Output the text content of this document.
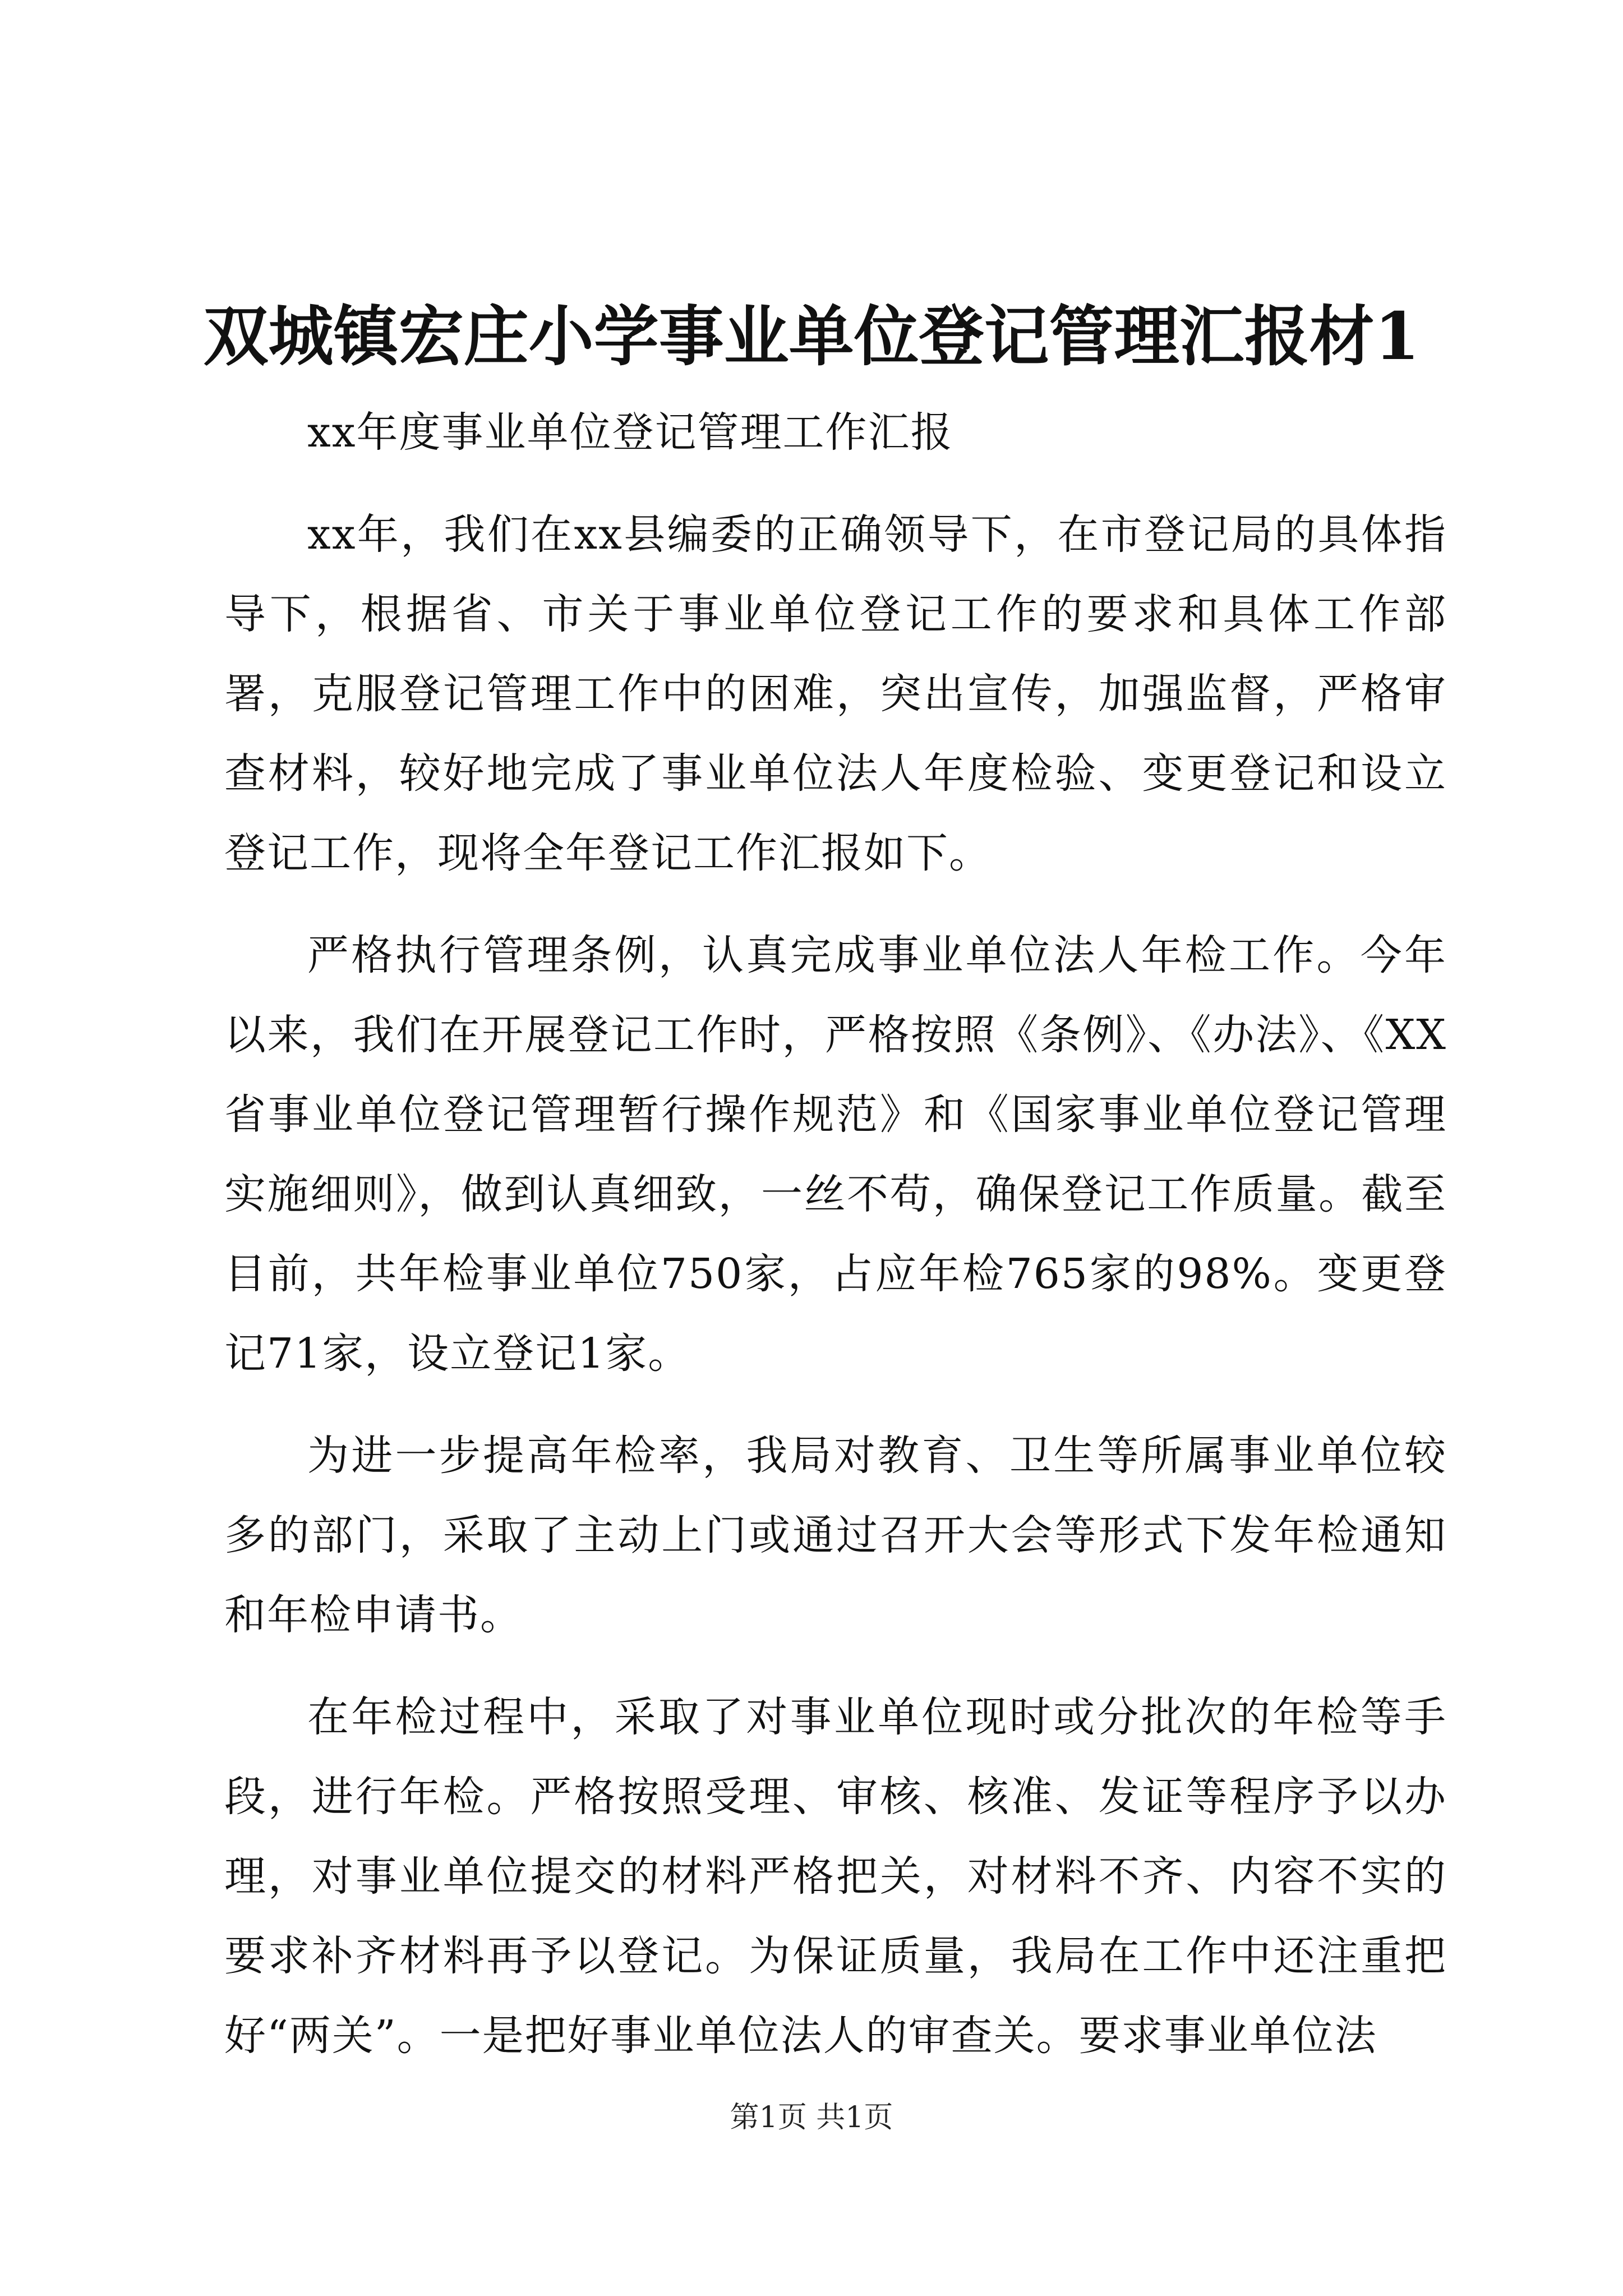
双城镇宏庄小学事业单位登记管理汇报材1

xx年度事业单位登记管理工作汇报

xx年，我们在xx县编委的正确领导下，在市登记局的具体指导下，根据省、市关于事业单位登记工作的要求和具体工作部署，克服登记管理工作中的困难，突出宣传，加强监督，严格审查材料，较好地完成了事业单位法人年度检验、变更登记和设立登记工作，现将全年登记工作汇报如下。

严格执行管理条例，认真完成事业单位法人年检工作。今年以来，我们在开展登记工作时，严格按照《条例》、《办法》、《XX省事业单位登记管理暂行操作规范》和《国家事业单位登记管理实施细则》，做到认真细致，一丝不苟，确保登记工作质量。截至目前，共年检事业单位750家，占应年检765家的98%。变更登记71家，设立登记1家。

为进一步提高年检率，我局对教育、卫生等所属事业单位较多的部门，采取了主动上门或通过召开大会等形式下发年检通知和年检申请书。

在年检过程中，采取了对事业单位现时或分批次的年检等手段，进行年检。严格按照受理、审核、核准、发证等程序予以办理，对事业单位提交的材料严格把关，对材料不齐、内容不实的要求补齐材料再予以登记。为保证质量，我局在工作中还注重把好“两关”。一是把好事业单位法人的审查关。要求事业单位法

第1页 共1页
